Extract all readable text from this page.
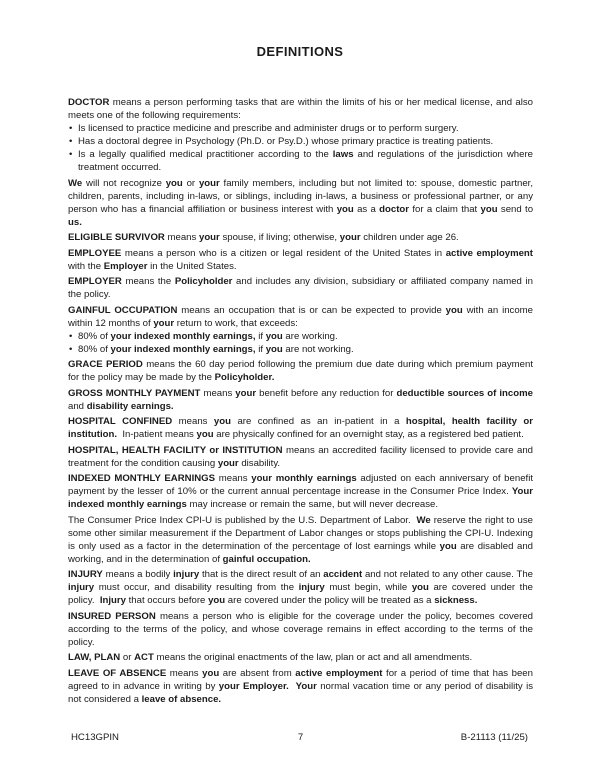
DEFINITIONS
DOCTOR means a person performing tasks that are within the limits of his or her medical license, and also meets one of the following requirements:
• Is licensed to practice medicine and prescribe and administer drugs or to perform surgery.
• Has a doctoral degree in Psychology (Ph.D. or Psy.D.) whose primary practice is treating patients.
• Is a legally qualified medical practitioner according to the laws and regulations of the jurisdiction where treatment occurred.
We will not recognize you or your family members, including but not limited to: spouse, domestic partner, children, parents, including in-laws, or siblings, including in-laws, a business or professional partner, or any person who has a financial affiliation or business interest with you as a doctor for a claim that you send to us.
ELIGIBLE SURVIVOR means your spouse, if living; otherwise, your children under age 26.
EMPLOYEE means a person who is a citizen or legal resident of the United States in active employment with the Employer in the United States.
EMPLOYER means the Policyholder and includes any division, subsidiary or affiliated company named in the policy.
GAINFUL OCCUPATION means an occupation that is or can be expected to provide you with an income within 12 months of your return to work, that exceeds:
• 80% of your indexed monthly earnings, if you are working.
• 80% of your indexed monthly earnings, if you are not working.
GRACE PERIOD means the 60 day period following the premium due date during which premium payment for the policy may be made by the Policyholder.
GROSS MONTHLY PAYMENT means your benefit before any reduction for deductible sources of income and disability earnings.
HOSPITAL CONFINED means you are confined as an in-patient in a hospital, health facility or institution.  In-patient means you are physically confined for an overnight stay, as a registered bed patient.
HOSPITAL, HEALTH FACILITY or INSTITUTION means an accredited facility licensed to provide care and treatment for the condition causing your disability.
INDEXED MONTHLY EARNINGS means your monthly earnings adjusted on each anniversary of benefit payment by the lesser of 10% or the current annual percentage increase in the Consumer Price Index. Your indexed monthly earnings may increase or remain the same, but will never decrease.
The Consumer Price Index CPI-U is published by the U.S. Department of Labor.  We reserve the right to use some other similar measurement if the Department of Labor changes or stops publishing the CPI-U. Indexing is only used as a factor in the determination of the percentage of lost earnings while you are disabled and working, and in the determination of gainful occupation.
INJURY means a bodily injury that is the direct result of an accident and not related to any other cause. The injury must occur, and disability resulting from the injury must begin, while you are covered under the policy.  Injury that occurs before you are covered under the policy will be treated as a sickness.
INSURED PERSON means a person who is eligible for the coverage under the policy, becomes covered according to the terms of the policy, and whose coverage remains in effect according to the terms of the policy.
LAW, PLAN or ACT means the original enactments of the law, plan or act and all amendments.
LEAVE OF ABSENCE means you are absent from active employment for a period of time that has been agreed to in advance in writing by your Employer. Your normal vacation time or any period of disability is not considered a leave of absence.
HC13GPIN	7	B-21113 (11/25)
